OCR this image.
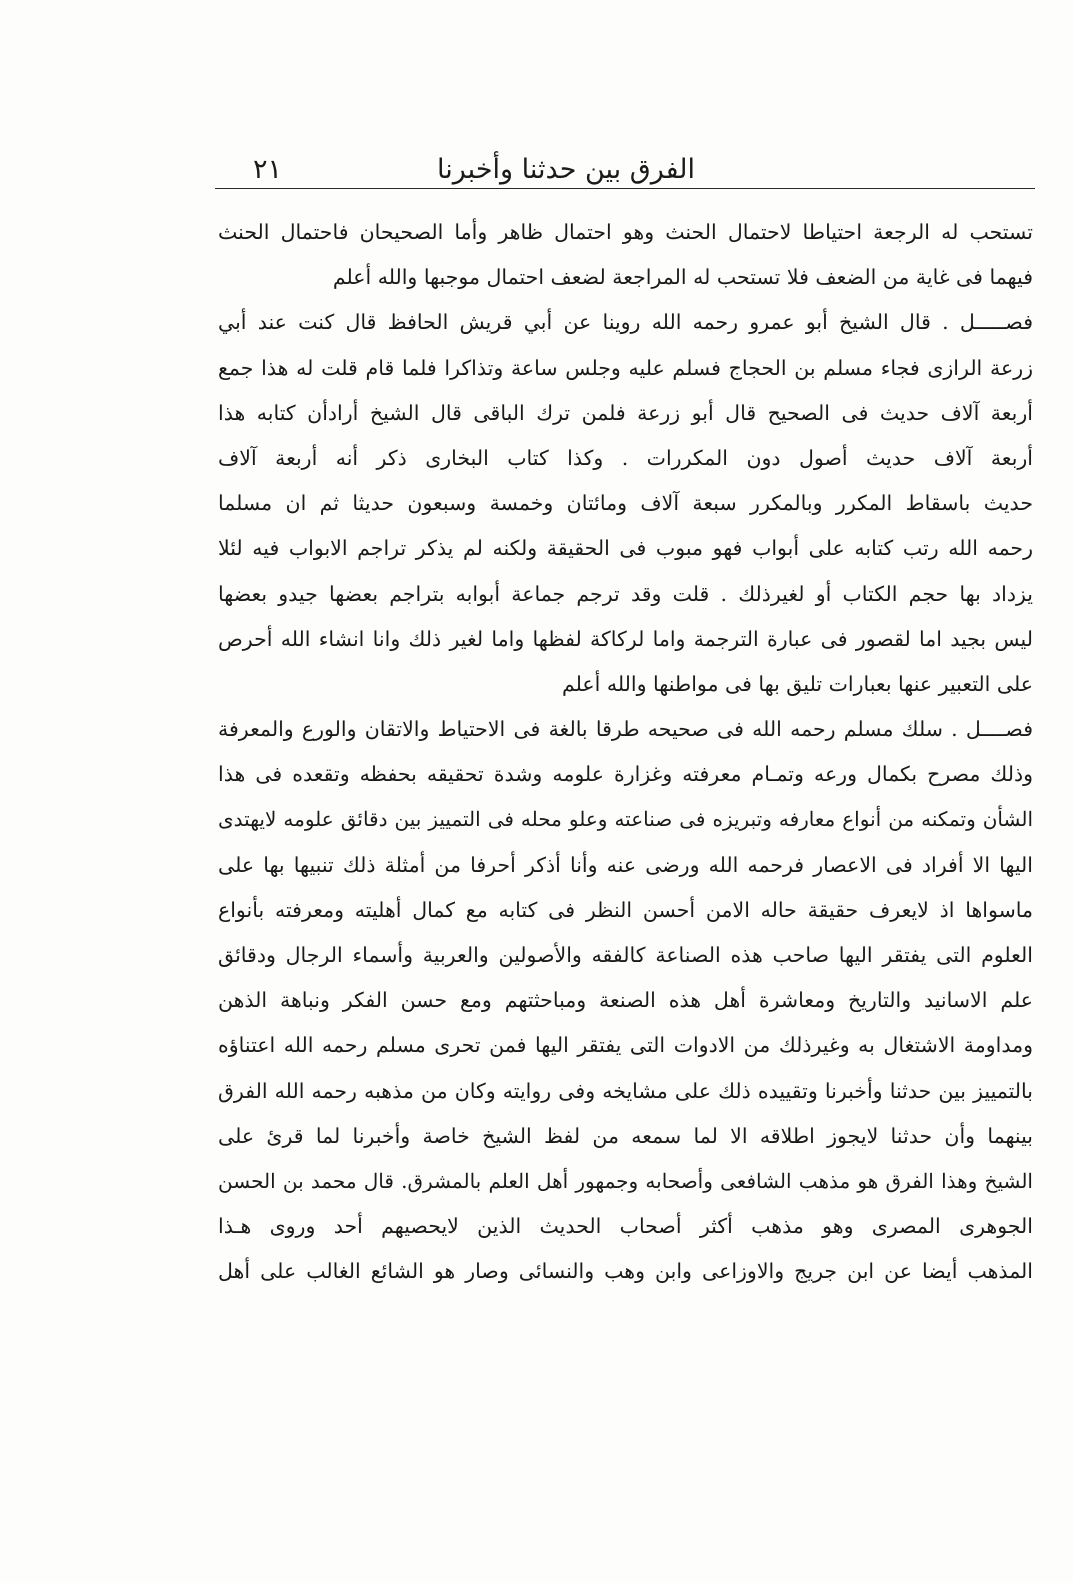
الفرق بين حدثنا وأخبرنا
٢١
تستحب له الرجعة احتياطا لاحتمال الحنث وهو احتمال ظاهر وأما الصحيحان فاحتمال الحنث
فيهما فى غاية من الضعف فلا تستحب له المراجعة لضعف احتمال موجبها والله أعلم
فصـــــل . قال الشيخ أبو عمرو رحمه الله روينا عن أبي قريش الحافظ قال كنت عند أبي
زرعة الرازى فجاء مسلم بن الحجاج فسلم عليه وجلس ساعة وتذاكرا فلما قام قلت له هذا جمع
أربعة آلاف حديث فى الصحيح قال أبو زرعة فلمن ترك الباقى قال الشيخ أرادأن كتابه هذا
أربعة آلاف حديث أصول دون المكررات . وكذا كتاب البخارى ذكر أنه أربعة آلاف
حديث باسقاط المكرر وبالمكرر سبعة آلاف ومائتان وخمسة وسبعون حديثا ثم ان مسلما
رحمه الله رتب كتابه على أبواب فهو مبوب فى الحقيقة ولكنه لم يذكر تراجم الابواب فيه لئلا
يزداد بها حجم الكتاب أو لغيرذلك . قلت وقد ترجم جماعة أبوابه بتراجم بعضها جيدو بعضها
ليس بجيد اما لقصور فى عبارة الترجمة واما لركاكة لفظها واما لغير ذلك وانا انشاء الله أحرص
على التعبير عنها بعبارات تليق بها فى مواطنها والله أعلم
فصــــل . سلك مسلم رحمه الله فى صحيحه طرقا بالغة فى الاحتياط والاتقان والورع والمعرفة
وذلك مصرح بكمال ورعه وتمـام معرفته وغزارة علومه وشدة تحقيقه بحفظه وتقعده فى هذا
الشأن وتمكنه من أنواع معارفه وتبريزه فى صناعته وعلو محله فى التمييز بين دقائق علومه لايهتدى
اليها الا أفراد فى الاعصار فرحمه الله ورضى عنه وأنا أذكر أحرفا من أمثلة ذلك تنبيها بها على
ماسواها اذ لايعرف حقيقة حاله الامن أحسن النظر فى كتابه مع كمال أهليته ومعرفته بأنواع
العلوم التى يفتقر اليها صاحب هذه الصناعة كالفقه والأصولين والعربية وأسماء الرجال ودقائق
علم الاسانيد والتاريخ ومعاشرة أهل هذه الصنعة ومباحثتهم ومع حسن الفكر ونباهة الذهن
ومداومة الاشتغال به وغيرذلك من الادوات التى يفتقر اليها فمن تحرى مسلم رحمه الله اعتناؤه
بالتمييز بين حدثنا وأخبرنا وتقييده ذلك على مشايخه وفى روايته وكان من مذهبه رحمه الله الفرق
بينهما وأن حدثنا لايجوز اطلاقه الا لما سمعه من لفظ الشيخ خاصة وأخبرنا لما قرئ على
الشيخ وهذا الفرق هو مذهب الشافعى وأصحابه وجمهور أهل العلم بالمشرق. قال محمد بن الحسن
الجوهرى المصرى وهو مذهب أكثر أصحاب الحديث الذين لايحصيهم أحد وروى هـذا
المذهب أيضا عن ابن جريج والاوزاعى وابن وهب والنسائى وصار هو الشائع الغالب على أهل
